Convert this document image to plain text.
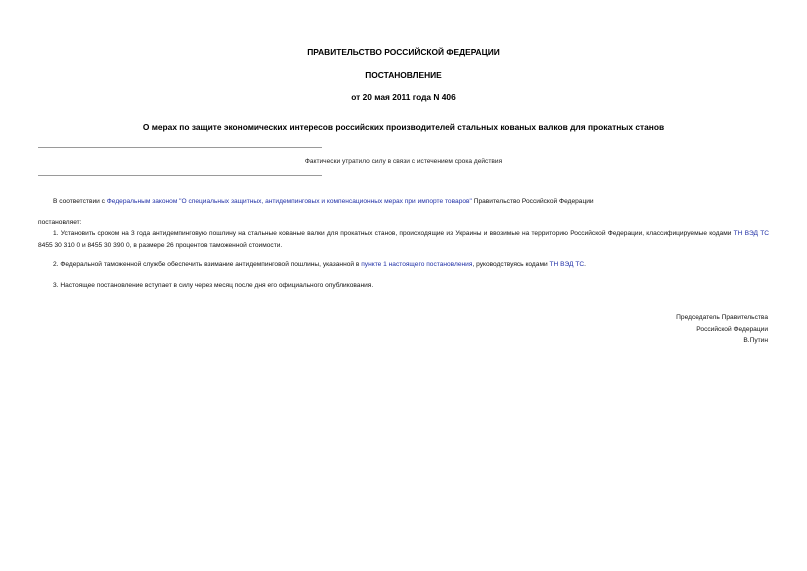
ПРАВИТЕЛЬСТВО РОССИЙСКОЙ ФЕДЕРАЦИИ
ПОСТАНОВЛЕНИЕ
от 20 мая 2011 года N 406
О мерах по защите экономических интересов российских производителей стальных кованых валков для прокатных станов
Фактически утратило силу в связи с истечением срока действия
В соответствии с Федеральным законом "О специальных защитных, антидемпинговых и компенсационных мерах при импорте товаров" Правительство Российской Федерации
постановляет:
1. Установить сроком на 3 года антидемпинговую пошлину на стальные кованые валки для прокатных станов, происходящие из Украины и ввозимые на территорию Российской Федерации, классифицируемые кодами ТН ВЭД ТС 8455 30 310 0 и 8455 30 390 0, в размере 26 процентов таможенной стоимости.
2. Федеральной таможенной службе обеспечить взимание антидемпинговой пошлины, указанной в пункте 1 настоящего постановления, руководствуясь кодами ТН ВЭД ТС.
3. Настоящее постановление вступает в силу через месяц после дня его официального опубликования.
Председатель Правительства
Российской Федерации
В.Путин
